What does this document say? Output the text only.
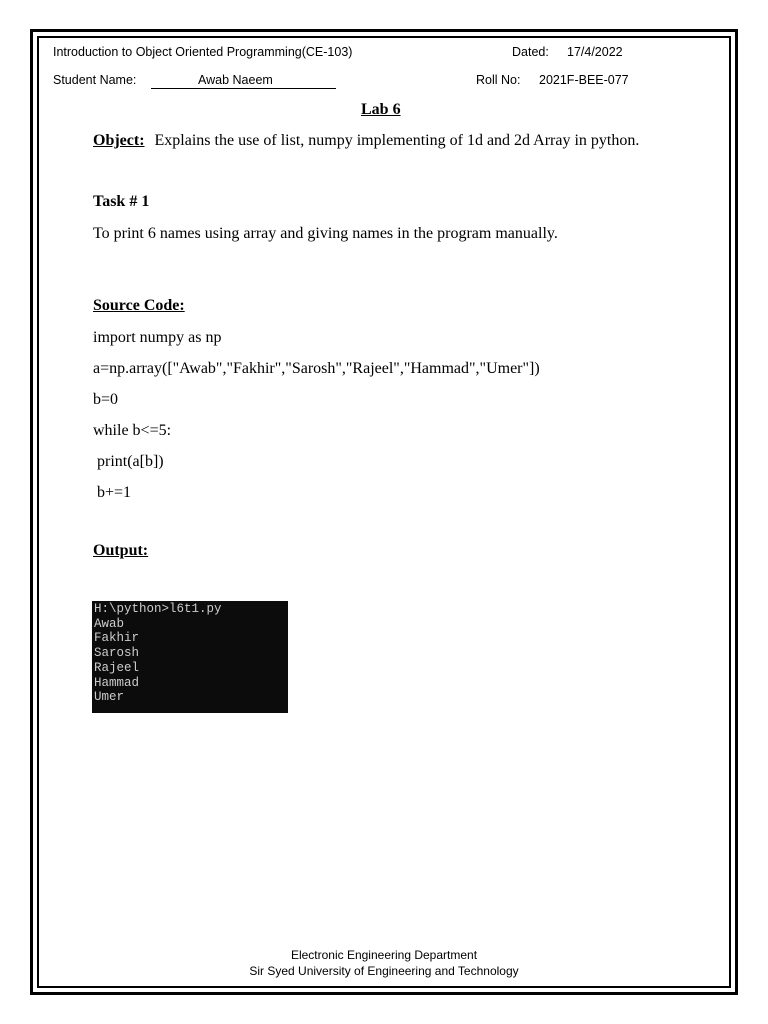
Introduction to Object Oriented Programming(CE-103)	Dated: 17/4/2022
Student Name:	Awab Naeem	Roll No: 2021F-BEE-077
Lab 6
Object: Explains the use of list, numpy implementing of 1d and 2d Array in python.
Task # 1
To print 6 names using array and giving names in the program manually.
Source Code:
import numpy as np
a=np.array(["Awab","Fakhir","Sarosh","Rajeel","Hammad","Umer"])
b=0
while b<=5:
print(a[b])
b+=1
Output:
H:\python>l6t1.py
Awab
Fakhir
Sarosh
Rajeel
Hammad
Umer
Electronic Engineering Department
Sir Syed University of Engineering and Technology
